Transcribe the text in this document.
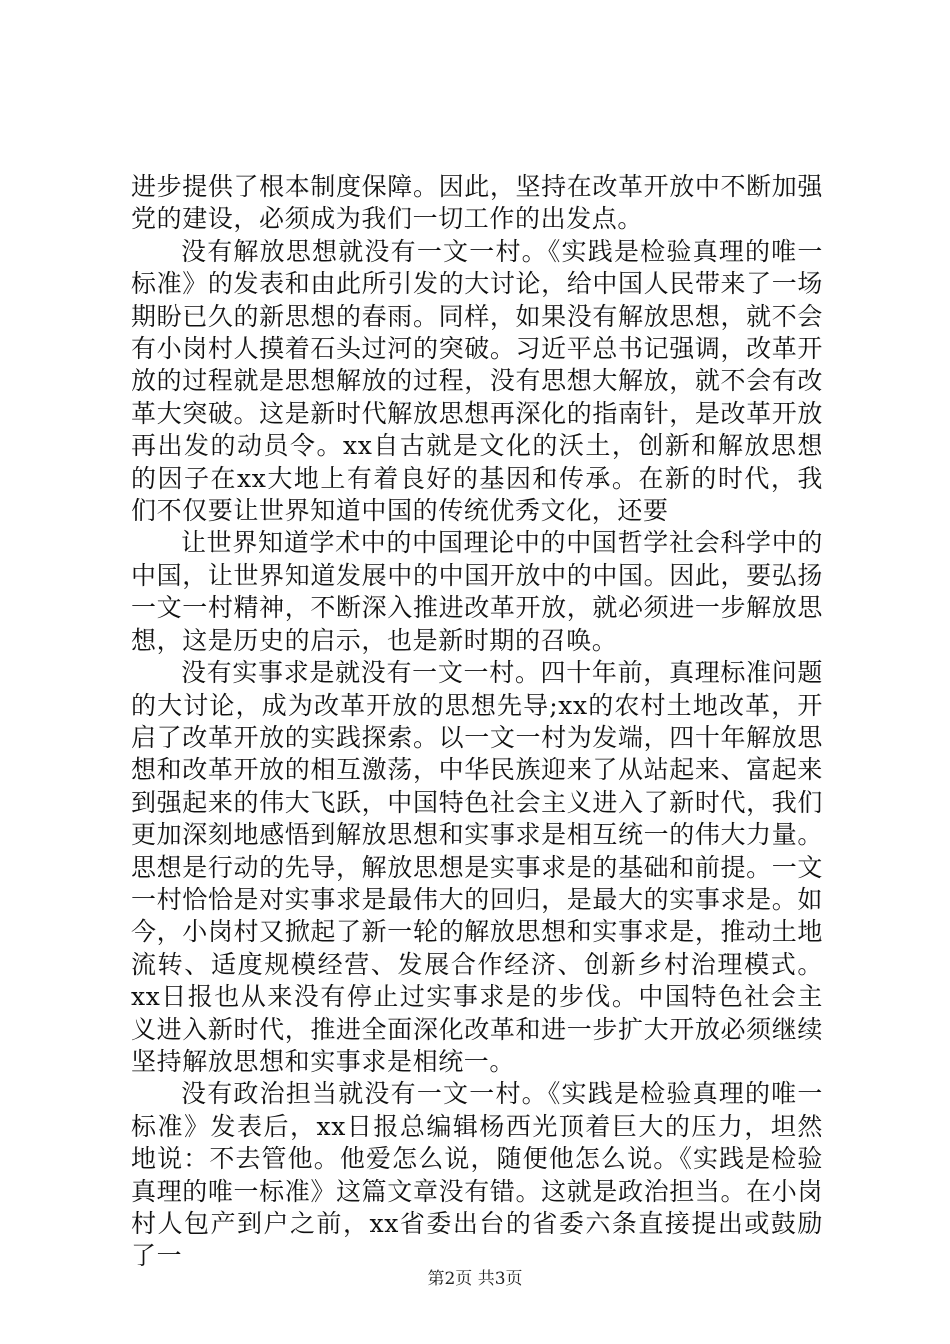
进步提供了根本制度保障。因此，坚持在改革开放中不断加强党的建设，必须成为我们一切工作的出发点。

没有解放思想就没有一文一村。《实践是检验真理的唯一标准》的发表和由此所引发的大讨论，给中国人民带来了一场期盼已久的新思想的春雨。同样，如果没有解放思想，就不会有小岗村人摸着石头过河的突破。习近平总书记强调，改革开放的过程就是思想解放的过程，没有思想大解放，就不会有改革大突破。这是新时代解放思想再深化的指南针，是改革开放再出发的动员令。xx自古就是文化的沃土，创新和解放思想的因子在xx大地上有着良好的基因和传承。在新的时代，我们不仅要让世界知道中国的传统优秀文化，还要

让世界知道学术中的中国理论中的中国哲学社会科学中的中国，让世界知道发展中的中国开放中的中国。因此，要弘扬一文一村精神，不断深入推进改革开放，就必须进一步解放思想，这是历史的启示，也是新时期的召唤。

没有实事求是就没有一文一村。四十年前，真理标准问题的大讨论，成为改革开放的思想先导;xx的农村土地改革，开启了改革开放的实践探索。以一文一村为发端，四十年解放思想和改革开放的相互激荡，中华民族迎来了从站起来、富起来到强起来的伟大飞跃，中国特色社会主义进入了新时代，我们更加深刻地感悟到解放思想和实事求是相互统一的伟大力量。思想是行动的先导，解放思想是实事求是的基础和前提。一文一村恰恰是对实事求是最伟大的回归，是最大的实事求是。如今，小岗村又掀起了新一轮的解放思想和实事求是，推动土地流转、适度规模经营、发展合作经济、创新乡村治理模式。xx日报也从来没有停止过实事求是的步伐。中国特色社会主义进入新时代，推进全面深化改革和进一步扩大开放必须继续坚持解放思想和实事求是相统一。

没有政治担当就没有一文一村。《实践是检验真理的唯一标准》发表后，xx日报总编辑杨西光顶着巨大的压力，坦然地说：不去管他。他爱怎么说，随便他怎么说。《实践是检验真理的唯一标准》这篇文章没有错。这就是政治担当。在小岗村人包产到户之前，xx省委出台的省委六条直接提出或鼓励了一

第2页 共3页
